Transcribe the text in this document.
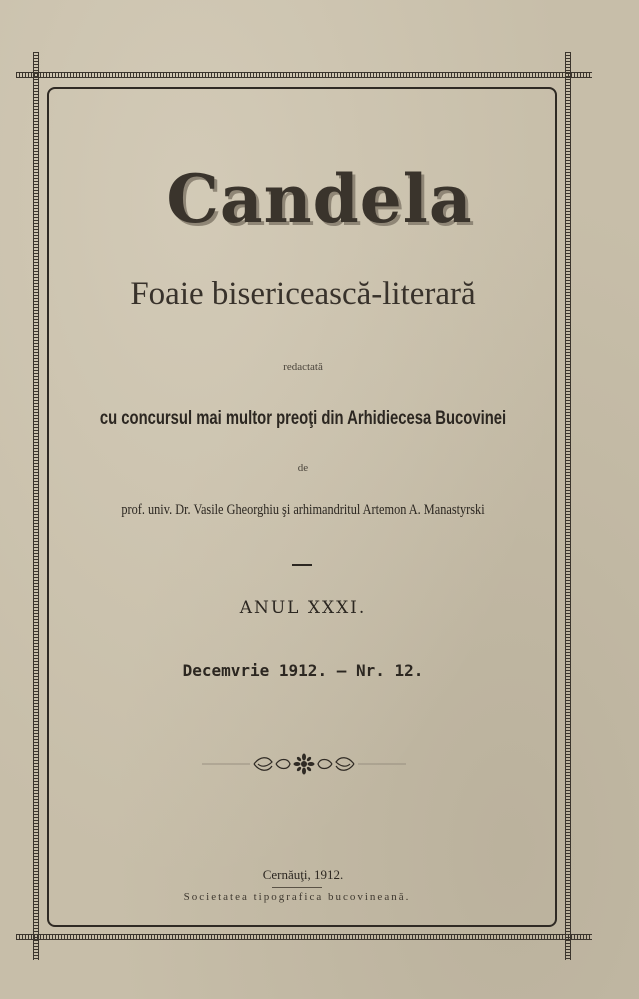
Candela
Foaie bisericească-literară
redactată
cu concursul mai multor preoţi din Arhidiecesa Bucovinei
de
prof. univ. Dr. Vasile Gheorghiu şi arhimandritul Artemon A. Manastyrski
ANUL XXXI.
Decemvrie 1912. — Nr. 12.
Cernăuţi, 1912.
Societatea tipografica bucovineană.
